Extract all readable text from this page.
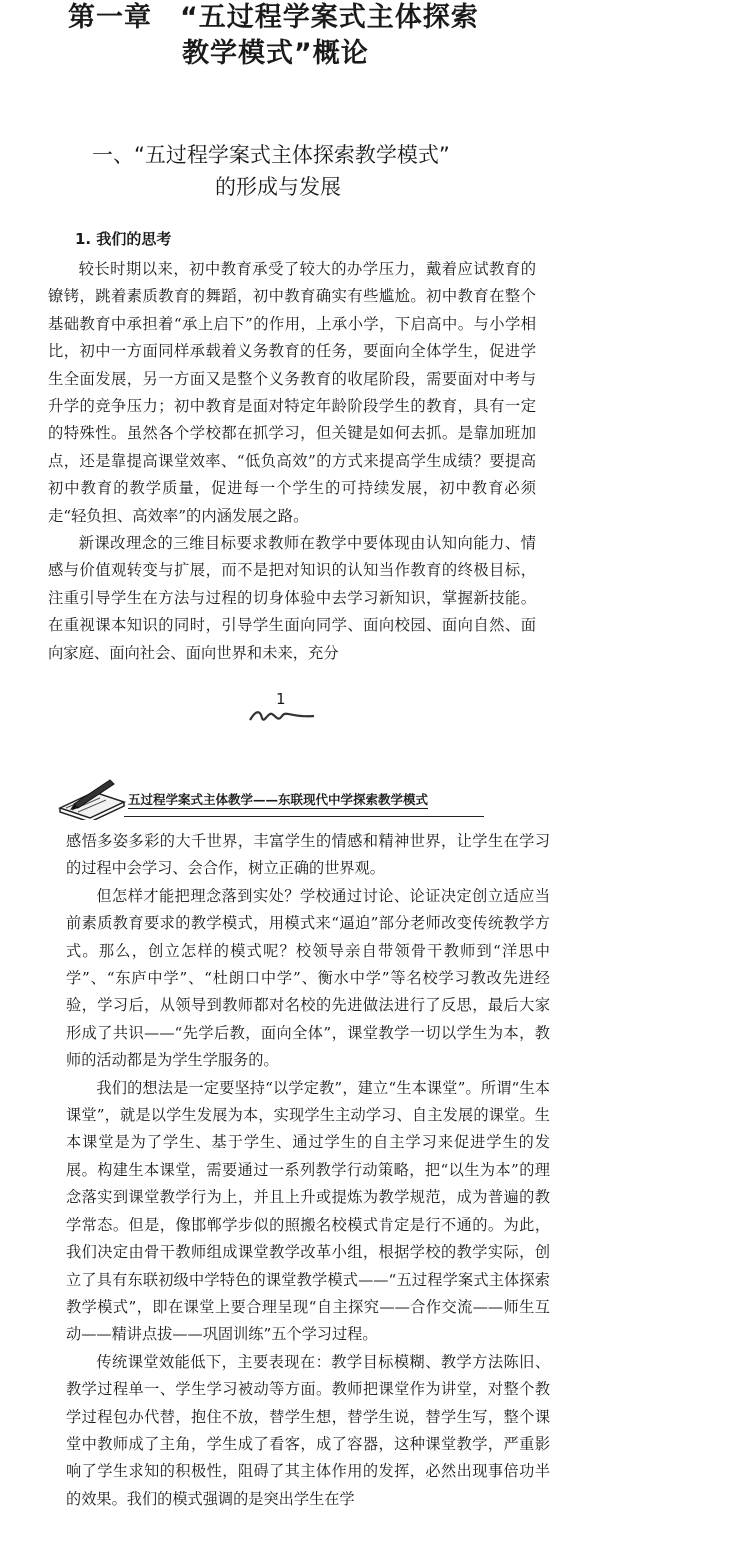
第一章　“五过程学案式主体探索
教学模式”概论
一、“五过程学案式主体探索教学模式”
的形成与发展
1. 我们的思考

较长时期以来，初中教育承受了较大的办学压力，戴着应试教育的镣铐，跳着素质教育的舞蹈，初中教育确实有些尴尬。初中教育在整个基础教育中承担着“承上启下”的作用，上承小学，下启高中。与小学相比，初中一方面同样承载着义务教育的任务，要面向全体学生，促进学生全面发展，另一方面又是整个义务教育的收尾阶段，需要面对中考与升学的竞争压力；初中教育是面对特定年龄阶段学生的教育，具有一定的特殊性。虽然各个学校都在抓学习，但关键是如何去抓。是靠加班加点，还是靠提高课堂效率、“低负高效”的方式来提高学生成绩？要提高初中教育的教学质量，促进每一个学生的可持续发展，初中教育必须走“轻负担、高效率”的内涵发展之路。

新课改理念的三维目标要求教师在教学中要体现由认知向能力、情感与价值观转变与扩展，而不是把对知识的认知当作教育的终极目标，注重引导学生在方法与过程的切身体验中去学习新知识，掌握新技能。在重视课本知识的同时，引导学生面向同学、面向校园、面向自然、面向家庭、面向社会、面向世界和未来，充分

1
五过程学案式主体教学——东联现代中学探索教学模式

感悟多姿多彩的大千世界，丰富学生的情感和精神世界，让学生在学习的过程中会学习、会合作，树立正确的世界观。

但怎样才能把理念落到实处？学校通过讨论、论证决定创立适应当前素质教育要求的教学模式，用模式来“逼迫”部分老师改变传统教学方式。那么，创立怎样的模式呢？校领导亲自带领骨干教师到“洋思中学”、“东庐中学”、“杜朗口中学”、衡水中学”等名校学习教改先进经验，学习后，从领导到教师都对名校的先进做法进行了反思，最后大家形成了共识——“先学后教，面向全体”，课堂教学一切以学生为本，教师的活动都是为学生学服务的。

我们的想法是一定要坚持“以学定教”，建立“生本课堂”。所谓“生本课堂”，就是以学生发展为本，实现学生主动学习、自主发展的课堂。生本课堂是为了学生、基于学生、通过学生的自主学习来促进学生的发展。构建生本课堂，需要通过一系列教学行动策略，把“以生为本”的理念落实到课堂教学行为上，并且上升或提炼为教学规范，成为普遍的教学常态。但是，像邯郸学步似的照搬名校模式肯定是行不通的。为此，我们决定由骨干教师组成课堂教学改革小组，根据学校的教学实际，创立了具有东联初级中学特色的课堂教学模式——“五过程学案式主体探索教学模式”，即在课堂上要合理呈现“自主探究——合作交流——师生互动——精讲点拔——巩固训练”五个学习过程。

传统课堂效能低下，主要表现在：教学目标模糊、教学方法陈旧、教学过程单一、学生学习被动等方面。教师把课堂作为讲堂，对整个教学过程包办代替，抱住不放，替学生想，替学生说，替学生写，整个课堂中教师成了主角，学生成了看客，成了容器，这种课堂教学，严重影响了学生求知的积极性，阻碍了其主体作用的发挥，必然出现事倍功半的效果。我们的模式强调的是突出学生在学
